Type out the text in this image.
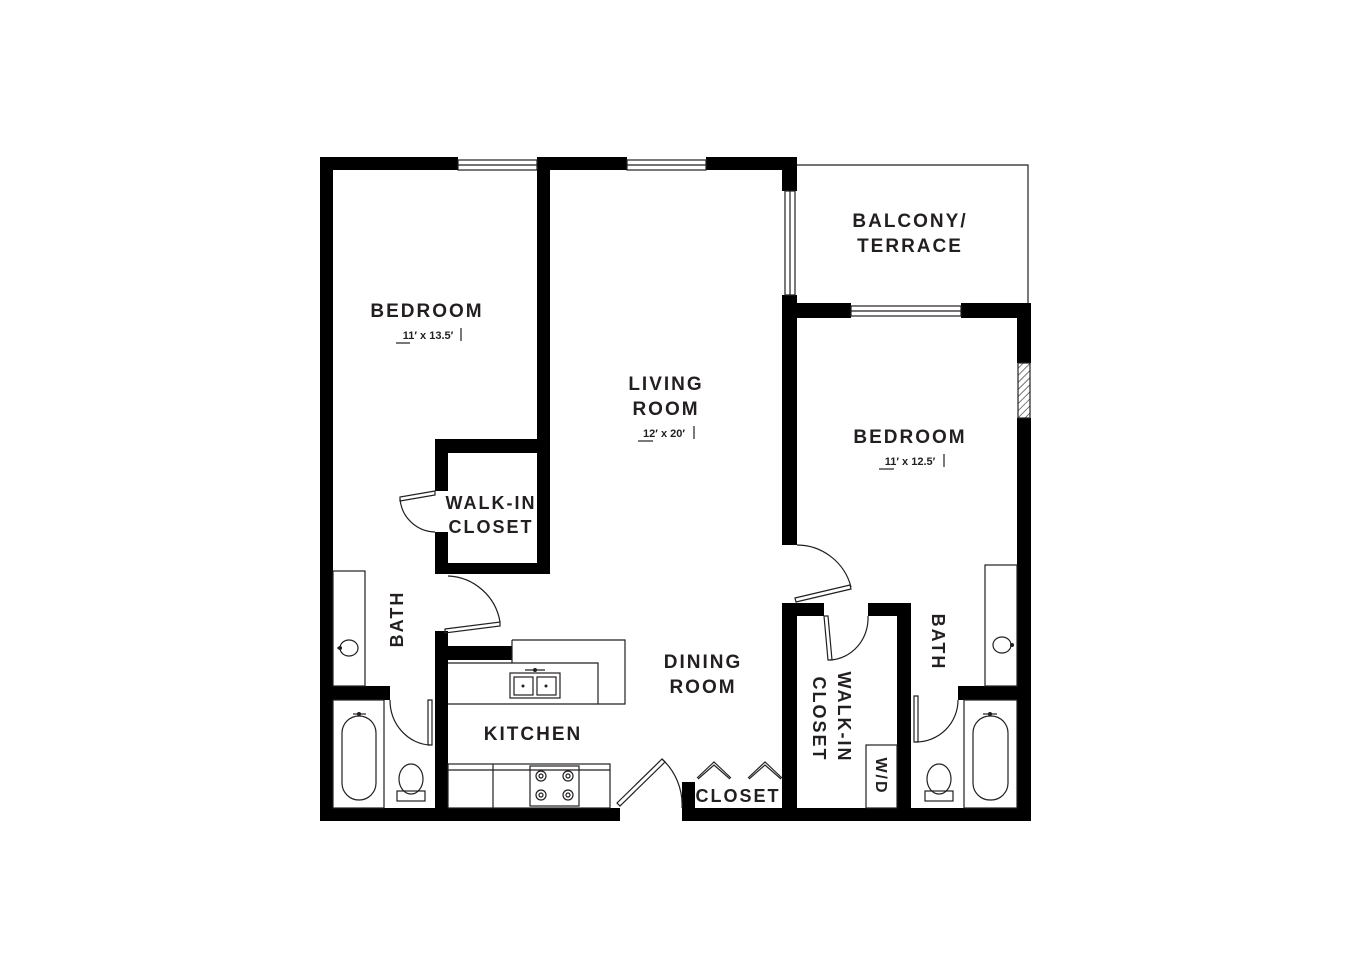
BEDROOM
11′ x 13.5′
LIVING
ROOM
12′ x 20′
BALCONY/
TERRACE
BEDROOM
11′ x 12.5′
WALK-IN
CLOSET
BATH
DINING
ROOM
KITCHEN
CLOSET
WALK-IN
CLOSET
W/D
BATH
